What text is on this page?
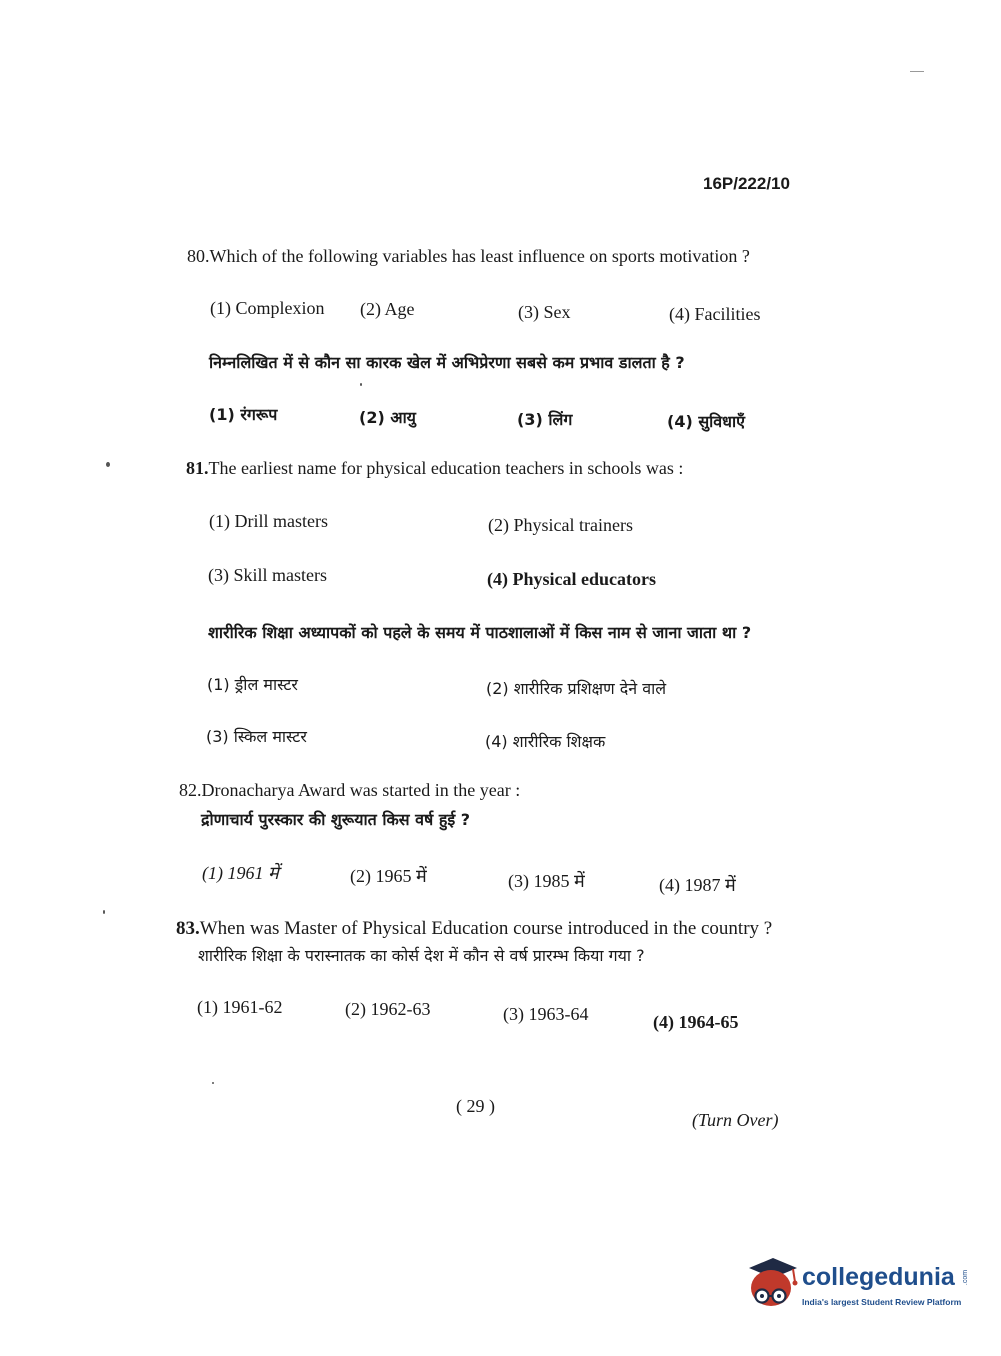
16P/222/10
80.Which of the following variables has least influence on sports motivation ?
(1) Complexion (2) Age	(3) Sex	(4) Facilities
निम्नलिखित में से कौन सा कारक खेल में अभिप्रेरणा सबसे कम प्रभाव डालता है ?
(1) रंगरूप	(2) आयु	(3) लिंग	(4) सुविधाएँ
81.The earliest name for physical education teachers in schools was :
(1) Drill masters	(2) Physical trainers
(3) Skill masters	(4) Physical educators
शारीरिक शिक्षा अध्यापकों को पहले के समय में पाठशालाओं में किस नाम से जाना जाता था ?
(1) ड्रील मास्टर	(2) शारीरिक प्रशिक्षण देने वाले
(3) स्किल मास्टर	(4) शारीरिक शिक्षक
82.Dronacharya Award was started in the year :
द्रोणाचार्य पुरस्कार की शुरूयात किस वर्ष हुई ?
(1) 1961 में	(2) 1965 में	(3) 1985 में	(4) 1987 में
83.When was Master of Physical Education course introduced in the country ?
शारीरिक शिक्षा के परास्नातक का कोर्स देश में कौन से वर्ष प्रारम्भ किया गया ?
(1) 1961-62	(2) 1962-63	(3) 1963-64	(4) 1964-65
( 29 )
(Turn Over)
collegedunia .com
India's largest Student Review Platform
